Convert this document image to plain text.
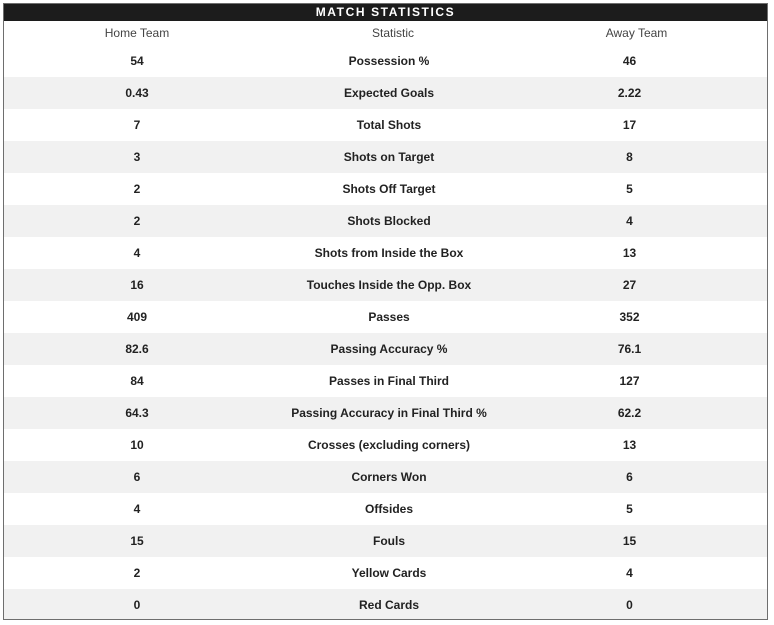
MATCH STATISTICS
Home Team	Statistic	Away Team
54	Possession %	46
0.43	Expected Goals	2.22
7	Total Shots	17
3	Shots on Target	8
2	Shots Off Target	5
2	Shots Blocked	4
4	Shots from Inside the Box	13
16	Touches Inside the Opp. Box	27
409	Passes	352
82.6	Passing Accuracy %	76.1
84	Passes in Final Third	127
64.3	Passing Accuracy in Final Third %	62.2
10	Crosses (excluding corners)	13
6	Corners Won	6
4	Offsides	5
15	Fouls	15
2	Yellow Cards	4
0	Red Cards	0
